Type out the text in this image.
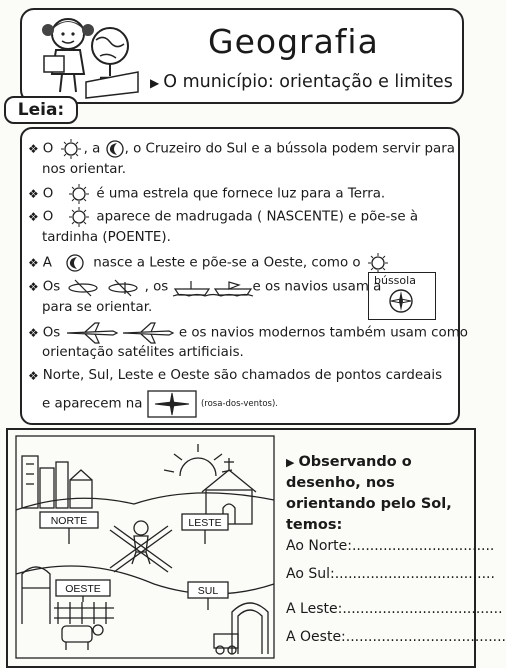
Geografia
▶ O município: orientação e limites
Leia:
❖ O , a , o Cruzeiro do Sul e a bússola podem servir para
nos orientar.
❖ O	é uma estrela que fornece luz para a Terra.
❖ O	aparece de madrugada ( NASCENTE) e põe-se à
tardinha (POENTE).
❖ A	nasce a Leste e põe-se a Oeste, como o
bússola
❖ Os	, os	e os navios usam a
para se orientar.
❖ Os	e os navios modernos também usam como
orientação satélites artificiais.
❖ Norte, Sul, Leste e Oeste são chamados de pontos cardeais
e aparecem na	(rosa-dos-ventos).
NORTE	LESTE
OESTE	SUL
▶ Observando o desenho, nos orientando pelo Sol, temos:
Ao Norte:................................
Ao Sul:....................................
A Leste:....................................
A Oeste:....................................
